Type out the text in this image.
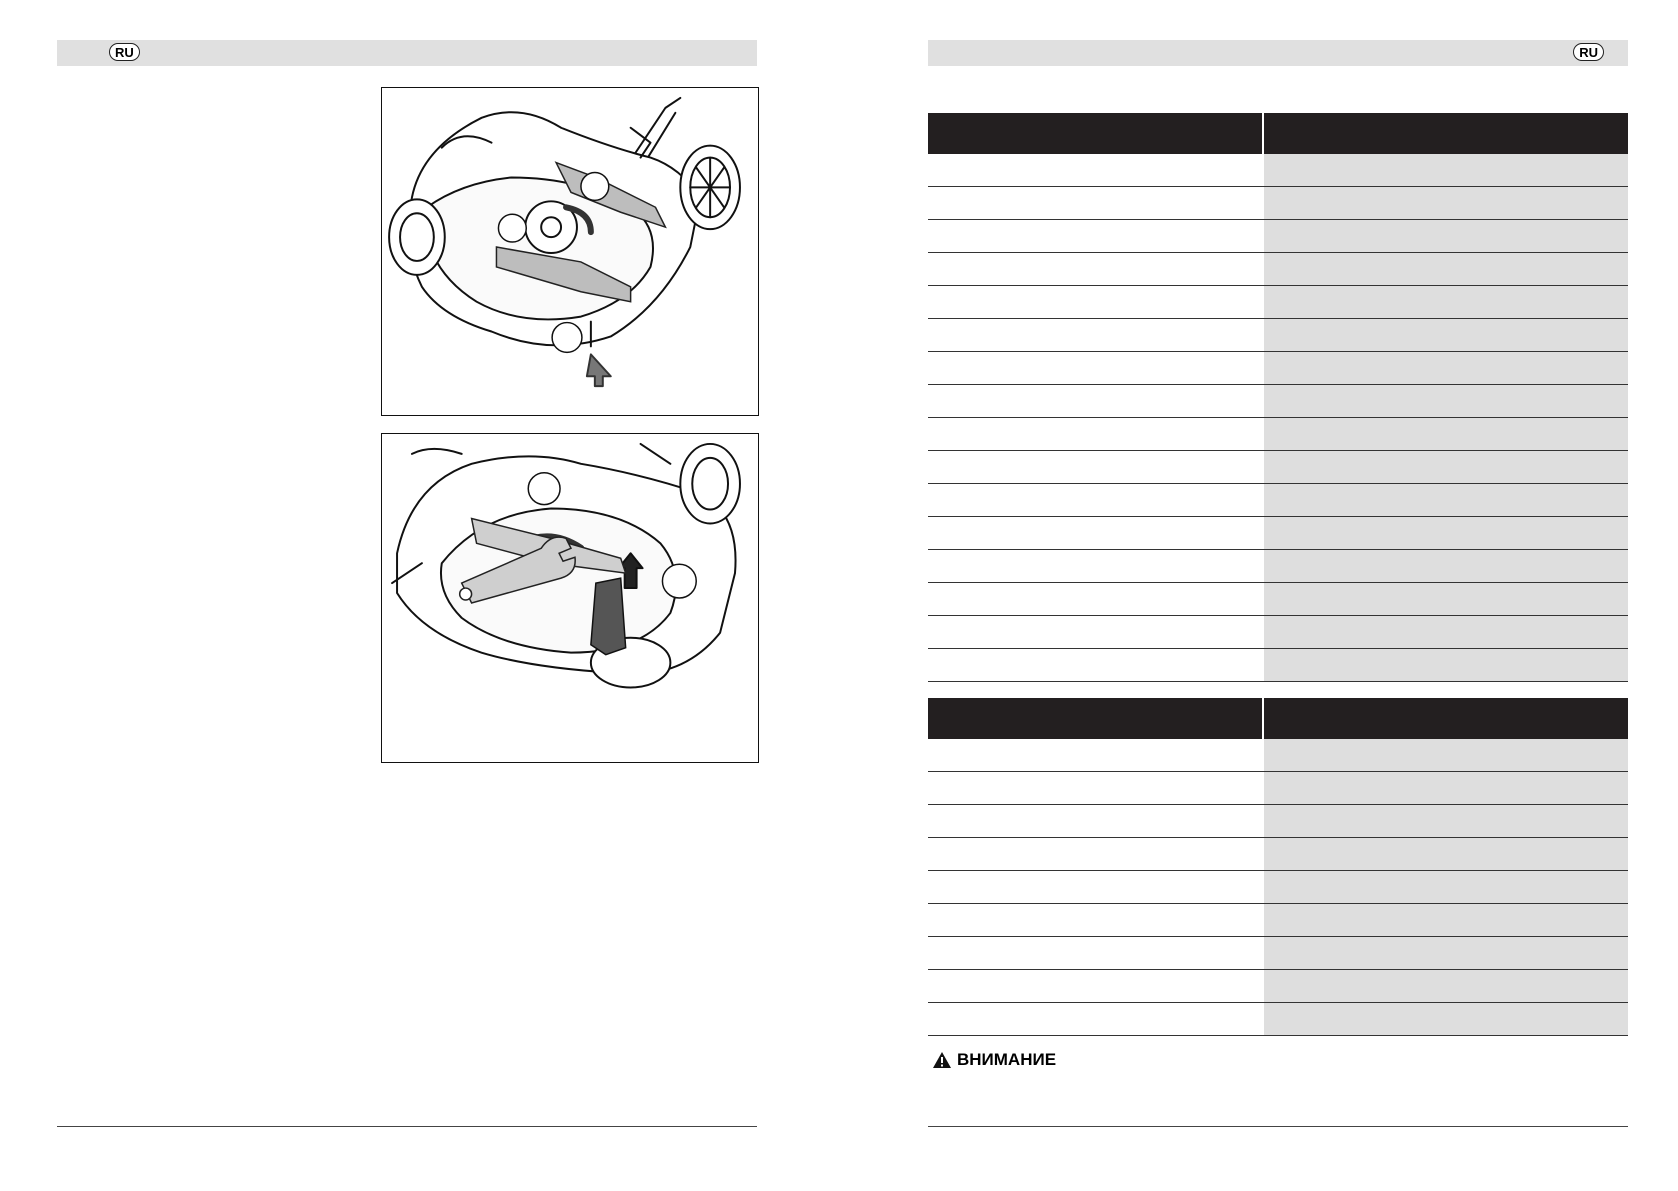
RU	RU
ВНИМАНИЕ
